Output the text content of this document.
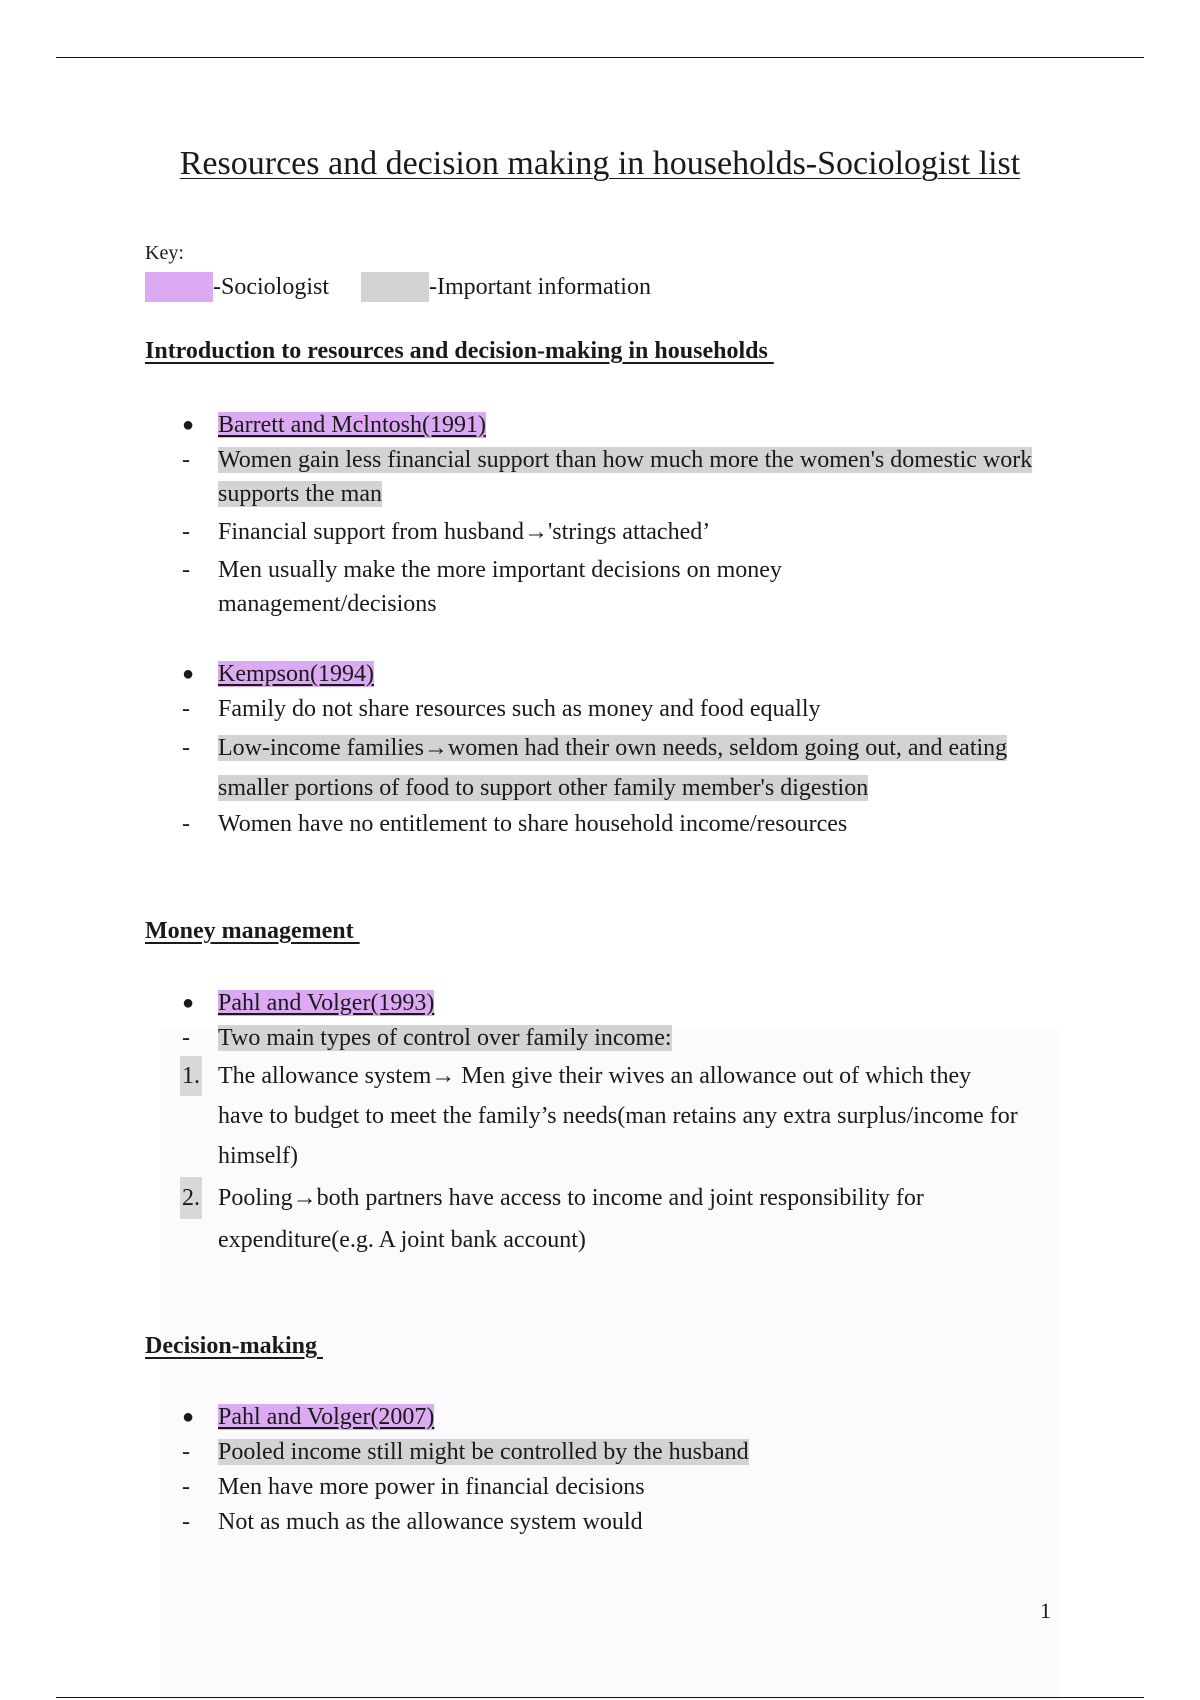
Resources and decision making in households-Sociologist list
Key:
-Sociologist	-Important information
Introduction to resources and decision-making in households
● Barrett and Mclntosh(1991)
- Women gain less financial support than how much more the women's domestic work supports the man
- Financial support from husband→'strings attached’
- Men usually make the more important decisions on money management/decisions
● Kempson(1994)
- Family do not share resources such as money and food equally
- Low-income families→women had their own needs, seldom going out, and eating smaller portions of food to support other family member's digestion
- Women have no entitlement to share household income/resources
Money management
● Pahl and Volger(1993)
- Two main types of control over family income:
1. The allowance system→ Men give their wives an allowance out of which they have to budget to meet the family’s needs(man retains any extra surplus/income for himself)
2. Pooling→both partners have access to income and joint responsibility for expenditure(e.g. A joint bank account)
Decision-making
● Pahl and Volger(2007)
- Pooled income still might be controlled by the husband
- Men have more power in financial decisions
- Not as much as the allowance system would
1
